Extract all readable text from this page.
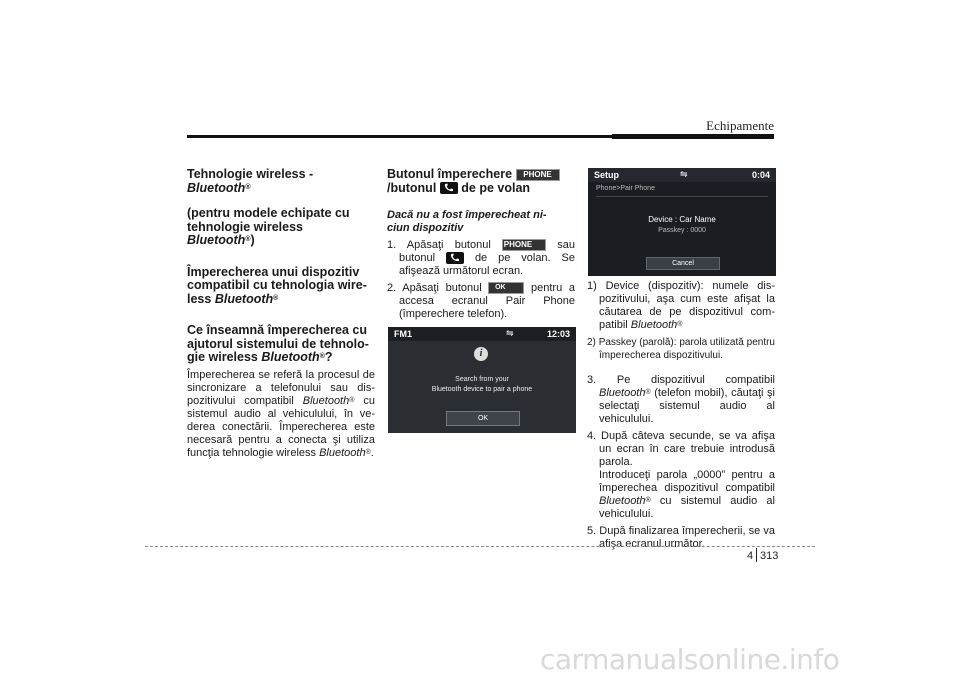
Echipamente
Tehnologie wireless -
Bluetooth®
(pentru modele echipate cu
tehnologie wireless
Bluetooth®)
Împerecherea unui dispozitiv
compatibil cu tehnologia wire-
less Bluetooth®
Ce înseamnă împerecherea cu
ajutorul sistemului de tehnolo-
gie wireless Bluetooth®?

Împerecherea se referă la procesul de sincronizare a telefonului sau dis-pozitivului compatibil Bluetooth® cu sistemul audio al vehiculului, în ve-derea conectării. Împerecherea este necesară pentru a conecta şi utiliza funcţia tehnologie wireless Bluetooth®.

Butonul împerechere PHONE
/butonul de pe volan
Dacă nu a fost împerecheat ni-
ciun dispozitiv
1. Apăsaţi butonul PHONE sau butonul	de pe volan. Se afişează următorul ecran.
2. Apăsaţi butonul OK pentru a accesa ecranul Pair Phone (împerechere telefon).
Setup	⇋	0:04
Phone>Pair Phone
Device : Car Name
Passkey : 0000
Cancel
FM1	⇋	12:03
i
Search from your
Bluetooth device to pair a phone
OK
1) Device (dispozitiv): numele dis-pozitivului, aşa cum este afişat la căutarea de pe dispozitivul com-patibil Bluetooth®
2) Passkey (parolă): parola utilizată pentru împerecherea dispozitivului.
3. Pe dispozitivul compatibil Bluetooth® (telefon mobil), căutaţi şi selectaţi sistemul audio al vehiculului.
4. După câteva secunde, se va afişa un ecran în care trebuie introdusă parola.
Introduceţi parola „0000” pentru a împerechea dispozitivul compatibil Bluetooth® cu sistemul audio al vehiculului.
5. După finalizarea împerecherii, se va afişa ecranul următor.
4 313
carmanualsonline.info
